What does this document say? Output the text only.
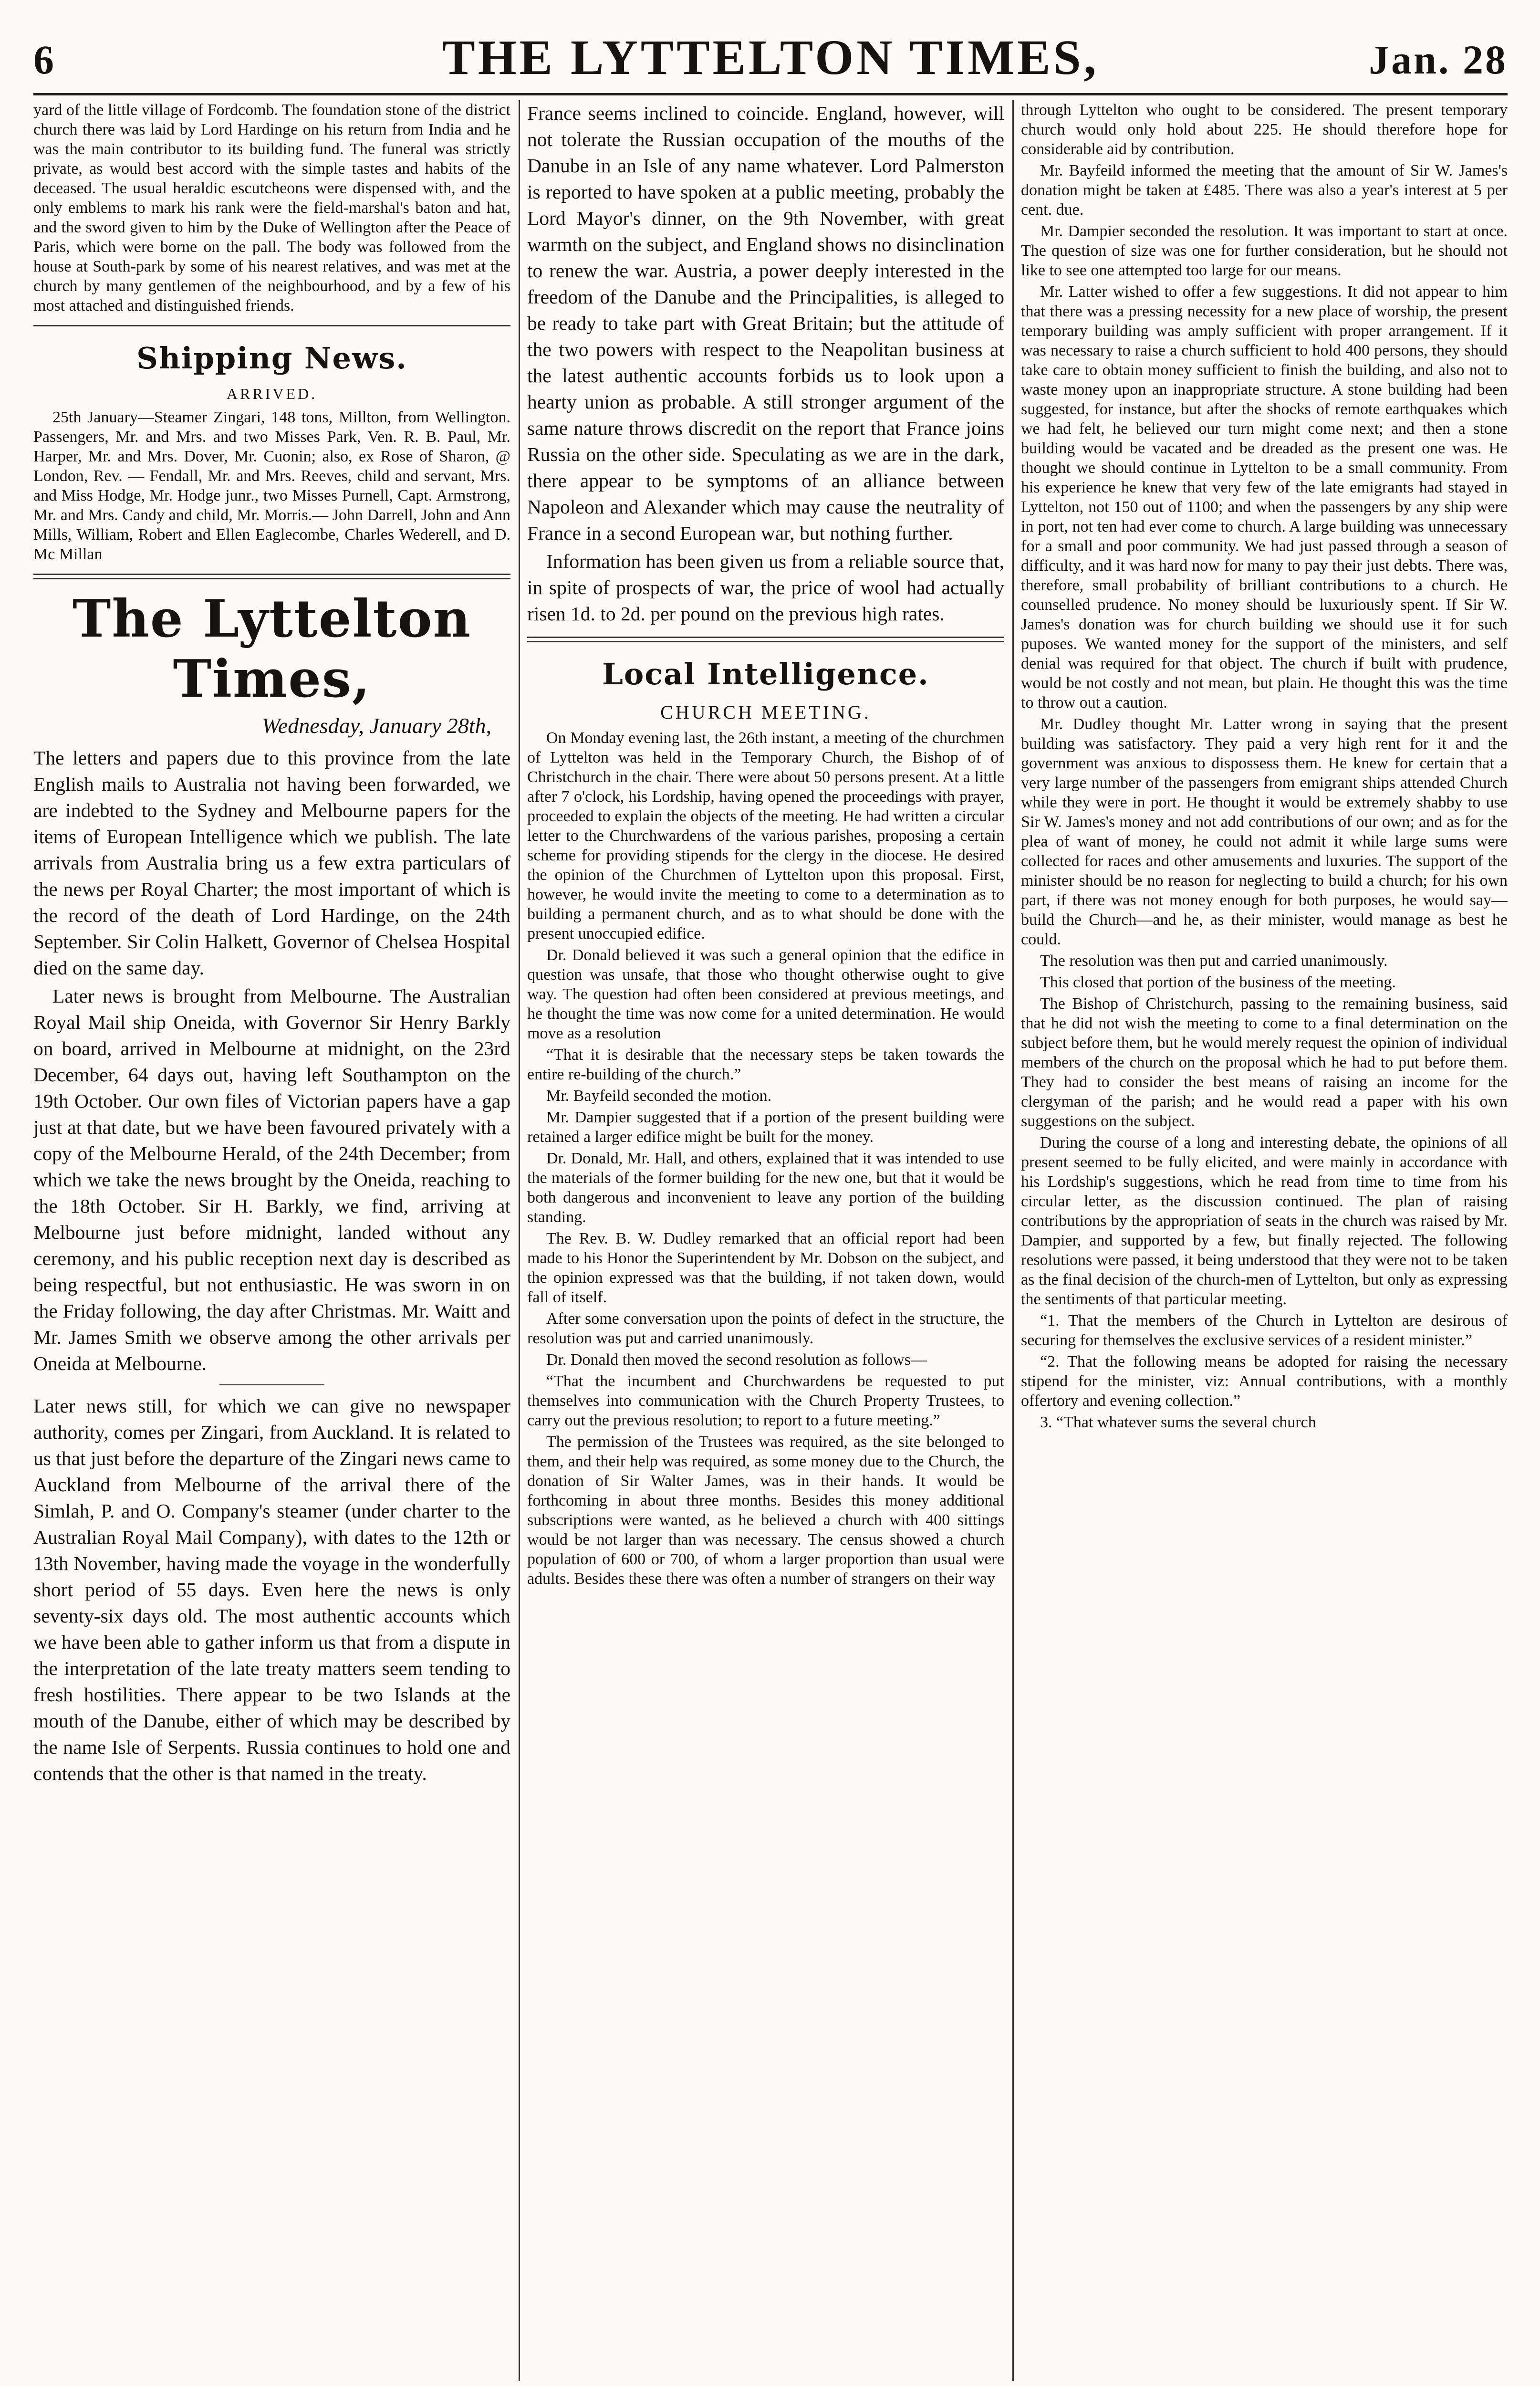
6	THE LYTTELTON TIMES,	Jan. 28

yard of the little village of Fordcomb. The foundation stone of the district church there was laid by Lord Hardinge on his return from India and he was the main contributor to its building fund. The funeral was strictly private, as would best accord with the simple tastes and habits of the deceased. The usual heraldic escutcheons were dispensed with, and the only emblems to mark his rank were the field-marshal's baton and hat, and the sword given to him by the Duke of Wellington after the Peace of Paris, which were borne on the pall. The body was followed from the house at South-park by some of his nearest relatives, and was met at the church by many gentlemen of the neighbourhood, and by a few of his most attached and distinguished friends.

Shipping News.
ARRIVED.

25th January—Steamer Zingari, 148 tons, Millton, from Wellington. Passengers, Mr. and Mrs. and two Misses Park, Ven. R. B. Paul, Mr. Harper, Mr. and Mrs. Dover, Mr. Cuonin; also, ex Rose of Sharon, @ London, Rev. — Fendall, Mr. and Mrs. Reeves, child and servant, Mrs. and Miss Hodge, Mr. Hodge junr., two Misses Purnell, Capt. Armstrong, Mr. and Mrs. Candy and child, Mr. Morris.— John Darrell, John and Ann Mills, William, Robert and Ellen Eaglecombe, Charles Wederell, and D. Mc Millan

The Lyttelton Times,
Wednesday, January 28th,

The letters and papers due to this province from the late English mails to Australia not having been forwarded, we are indebted to the Sydney and Melbourne papers for the items of European Intelligence which we publish. The late arrivals from Australia bring us a few extra particulars of the news per Royal Charter; the most important of which is the record of the death of Lord Hardinge, on the 24th September. Sir Colin Halkett, Governor of Chelsea Hospital died on the same day.

Later news is brought from Melbourne. The Australian Royal Mail ship Oneida, with Governor Sir Henry Barkly on board, arrived in Melbourne at midnight, on the 23rd December, 64 days out, having left Southampton on the 19th October. Our own files of Victorian papers have a gap just at that date, but we have been favoured privately with a copy of the Melbourne Herald, of the 24th December; from which we take the news brought by the Oneida, reaching to the 18th October. Sir H. Barkly, we find, arriving at Melbourne just before midnight, landed without any ceremony, and his public reception next day is described as being respectful, but not enthusiastic. He was sworn in on the Friday following, the day after Christmas. Mr. Waitt and Mr. James Smith we observe among the other arrivals per Oneida at Melbourne.

Later news still, for which we can give no newspaper authority, comes per Zingari, from Auckland. It is related to us that just before the departure of the Zingari news came to Auckland from Melbourne of the arrival there of the Simlah, P. and O. Company's steamer (under charter to the Australian Royal Mail Company), with dates to the 12th or 13th November, having made the voyage in the wonderfully short period of 55 days. Even here the news is only seventy-six days old. The most authentic accounts which we have been able to gather inform us that from a dispute in the interpretation of the late treaty matters seem tending to fresh hostilities. There appear to be two Islands at the mouth of the Danube, either of which may be described by the name Isle of Serpents. Russia continues to hold one and contends that the other is that named in the treaty.

France seems inclined to coincide. England, however, will not tolerate the Russian occupation of the mouths of the Danube in an Isle of any name whatever. Lord Palmerston is reported to have spoken at a public meeting, probably the Lord Mayor's dinner, on the 9th November, with great warmth on the subject, and England shows no disinclination to renew the war. Austria, a power deeply interested in the freedom of the Danube and the Principalities, is alleged to be ready to take part with Great Britain; but the attitude of the two powers with respect to the Neapolitan business at the latest authentic accounts forbids us to look upon a hearty union as probable. A still stronger argument of the same nature throws discredit on the report that France joins Russia on the other side. Speculating as we are in the dark, there appear to be symptoms of an alliance between Napoleon and Alexander which may cause the neutrality of France in a second European war, but nothing further.

Information has been given us from a reliable source that, in spite of prospects of war, the price of wool had actually risen 1d. to 2d. per pound on the previous high rates.

Local Intelligence.
CHURCH MEETING.

On Monday evening last, the 26th instant, a meeting of the churchmen of Lyttelton was held in the Temporary Church, the Bishop of of Christchurch in the chair. There were about 50 persons present. At a little after 7 o'clock, his Lordship, having opened the proceedings with prayer, proceeded to explain the objects of the meeting. He had written a circular letter to the Churchwardens of the various parishes, proposing a certain scheme for providing stipends for the clergy in the diocese. He desired the opinion of the Churchmen of Lyttelton upon this proposal. First, however, he would invite the meeting to come to a determination as to building a permanent church, and as to what should be done with the present unoccupied edifice.

Dr. Donald believed it was such a general opinion that the edifice in question was unsafe, that those who thought otherwise ought to give way. The question had often been considered at previous meetings, and he thought the time was now come for a united determination. He would move as a resolution

“That it is desirable that the necessary steps be taken towards the entire re-building of the church.”

Mr. Bayfeild seconded the motion.

Mr. Dampier suggested that if a portion of the present building were retained a larger edifice might be built for the money.

Dr. Donald, Mr. Hall, and others, explained that it was intended to use the materials of the former building for the new one, but that it would be both dangerous and inconvenient to leave any portion of the building standing.

The Rev. B. W. Dudley remarked that an official report had been made to his Honor the Superintendent by Mr. Dobson on the subject, and the opinion expressed was that the building, if not taken down, would fall of itself.

After some conversation upon the points of defect in the structure, the resolution was put and carried unanimously.

Dr. Donald then moved the second resolution as follows—

“That the incumbent and Churchwardens be requested to put themselves into communication with the Church Property Trustees, to carry out the previous resolution; to report to a future meeting.”

The permission of the Trustees was required, as the site belonged to them, and their help was required, as some money due to the Church, the donation of Sir Walter James, was in their hands. It would be forthcoming in about three months. Besides this money additional subscriptions were wanted, as he believed a church with 400 sittings would be not larger than was necessary. The census showed a church population of 600 or 700, of whom a larger proportion than usual were adults. Besides these there was often a number of strangers on their way

through Lyttelton who ought to be considered. The present temporary church would only hold about 225. He should therefore hope for considerable aid by contribution.

Mr. Bayfeild informed the meeting that the amount of Sir W. James's donation might be taken at £485. There was also a year's interest at 5 per cent. due.

Mr. Dampier seconded the resolution. It was important to start at once. The question of size was one for further consideration, but he should not like to see one attempted too large for our means.

Mr. Latter wished to offer a few suggestions. It did not appear to him that there was a pressing necessity for a new place of worship, the present temporary building was amply sufficient with proper arrangement. If it was necessary to raise a church sufficient to hold 400 persons, they should take care to obtain money sufficient to finish the building, and also not to waste money upon an inappropriate structure. A stone building had been suggested, for instance, but after the shocks of remote earthquakes which we had felt, he believed our turn might come next; and then a stone building would be vacated and be dreaded as the present one was. He thought we should continue in Lyttelton to be a small community. From his experience he knew that very few of the late emigrants had stayed in Lyttelton, not 150 out of 1100; and when the passengers by any ship were in port, not ten had ever come to church. A large building was unnecessary for a small and poor community. We had just passed through a season of difficulty, and it was hard now for many to pay their just debts. There was, therefore, small probability of brilliant contributions to a church. He counselled prudence. No money should be luxuriously spent. If Sir W. James's donation was for church building we should use it for such puposes. We wanted money for the support of the ministers, and self denial was required for that object. The church if built with prudence, would be not costly and not mean, but plain. He thought this was the time to throw out a caution.

Mr. Dudley thought Mr. Latter wrong in saying that the present building was satisfactory. They paid a very high rent for it and the government was anxious to dispossess them. He knew for certain that a very large number of the passengers from emigrant ships attended Church while they were in port. He thought it would be extremely shabby to use Sir W. James's money and not add contributions of our own; and as for the plea of want of money, he could not admit it while large sums were collected for races and other amusements and luxuries. The support of the minister should be no reason for neglecting to build a church; for his own part, if there was not money enough for both purposes, he would say—build the Church—and he, as their minister, would manage as best he could.

The resolution was then put and carried unanimously.

This closed that portion of the business of the meeting.

The Bishop of Christchurch, passing to the remaining business, said that he did not wish the meeting to come to a final determination on the subject before them, but he would merely request the opinion of individual members of the church on the proposal which he had to put before them. They had to consider the best means of raising an income for the clergyman of the parish; and he would read a paper with his own suggestions on the subject.

During the course of a long and interesting debate, the opinions of all present seemed to be fully elicited, and were mainly in accordance with his Lordship's suggestions, which he read from time to time from his circular letter, as the discussion continued. The plan of raising contributions by the appropriation of seats in the church was raised by Mr. Dampier, and supported by a few, but finally rejected. The following resolutions were passed, it being understood that they were not to be taken as the final decision of the church-men of Lyttelton, but only as expressing the sentiments of that particular meeting.

“1. That the members of the Church in Lyttelton are desirous of securing for themselves the exclusive services of a resident minister.”

“2. That the following means be adopted for raising the necessary stipend for the minister, viz: Annual contributions, with a monthly offertory and evening collection.”

3. “That whatever sums the several church
